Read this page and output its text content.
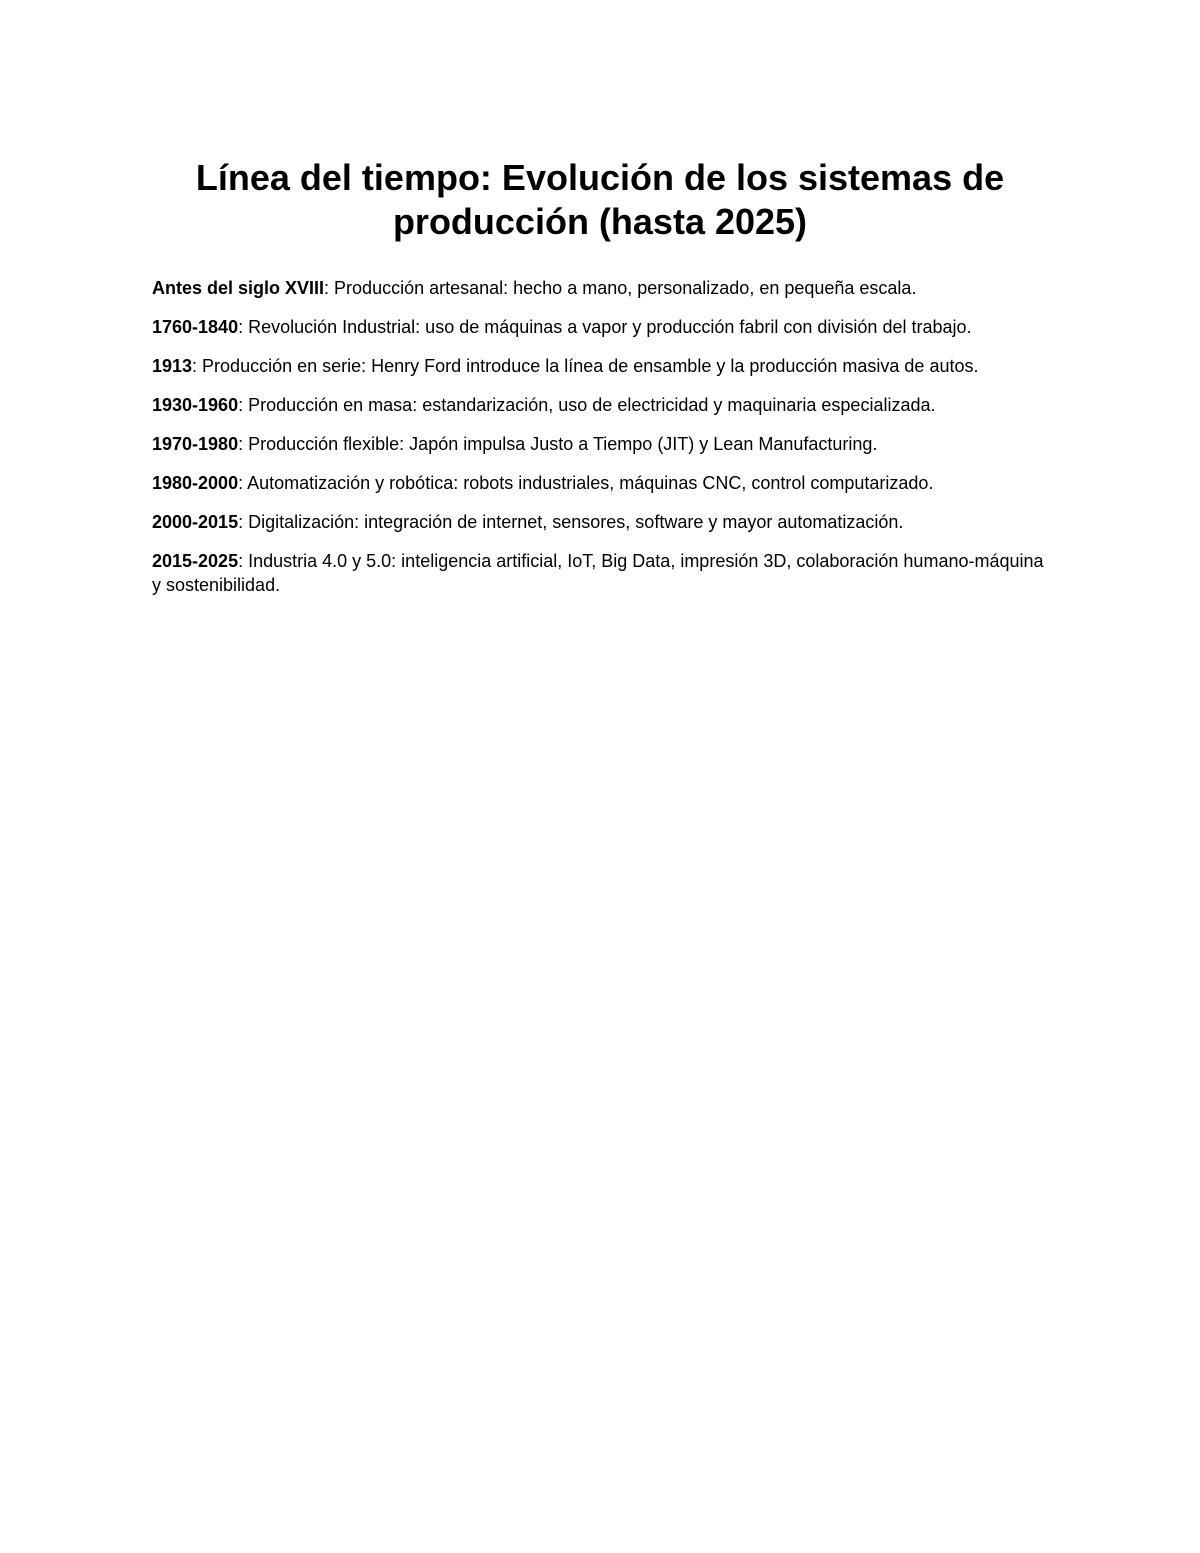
Línea del tiempo: Evolución de los sistemas de producción (hasta 2025)
Antes del siglo XVIII: Producción artesanal: hecho a mano, personalizado, en pequeña escala.
1760-1840: Revolución Industrial: uso de máquinas a vapor y producción fabril con división del trabajo.
1913: Producción en serie: Henry Ford introduce la línea de ensamble y la producción masiva de autos.
1930-1960: Producción en masa: estandarización, uso de electricidad y maquinaria especializada.
1970-1980: Producción flexible: Japón impulsa Justo a Tiempo (JIT) y Lean Manufacturing.
1980-2000: Automatización y robótica: robots industriales, máquinas CNC, control computarizado.
2000-2015: Digitalización: integración de internet, sensores, software y mayor automatización.
2015-2025: Industria 4.0 y 5.0: inteligencia artificial, IoT, Big Data, impresión 3D, colaboración humano-máquina y sostenibilidad.
